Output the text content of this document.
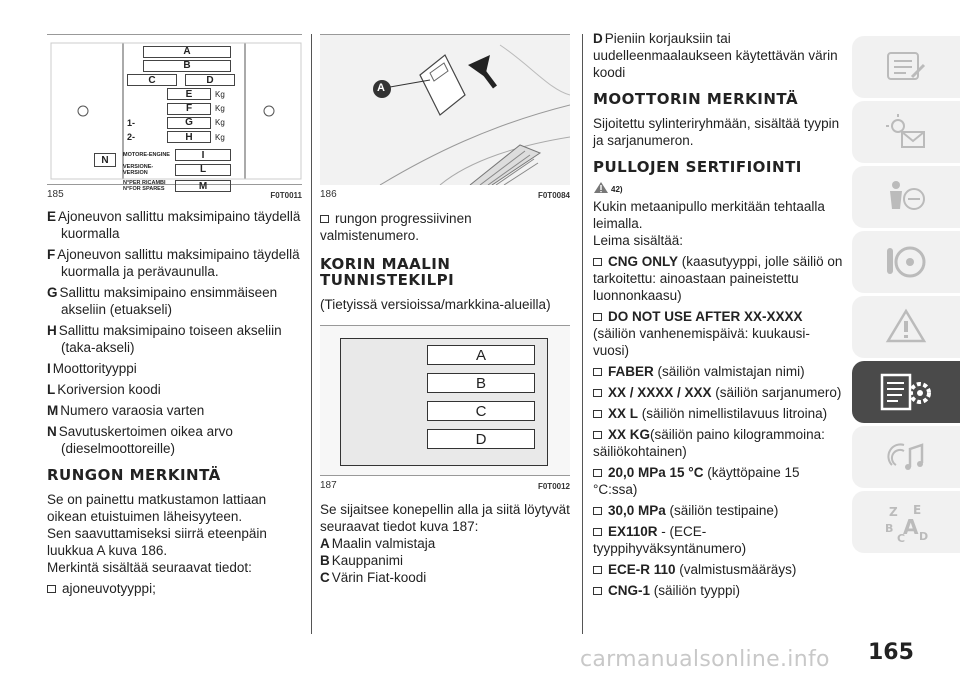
A
B
C	D
E	Kg
F	Kg
1-	G	Kg
2-	H	Kg
MOTORE-ENGINE	I
VERSIONE-VERSION	L
N°PER RICAMBI
N°FOR SPARES	M
N
185	F0T0011

E Ajoneuvon sallittu maksimipaino täydellä kuormalla

F Ajoneuvon sallittu maksimipaino täydellä kuormalla ja perävaunulla.

G Sallittu maksimipaino ensimmäiseen akseliin (etuakseli)

H Sallittu maksimipaino toiseen akseliin (taka-akseli)

I Moottorityyppi

L Koriversion koodi

M Numero varaosia varten

N Savutuskertoimen oikea arvo (dieselmoottoreille)

RUNGON MERKINTÄ

Se on painettu matkustamon lattiaan oikean etuistuimen läheisyyteen.

Sen saavuttamiseksi siirrä eteenpäin luukkua A kuva 186.

Merkintä sisältää seuraavat tiedot:

ajoneuvotyyppi;

A
186	F0T0084

rungon progressiivinen valmistenumero.

KORIN MAALIN
TUNNISTEKILPI

(Tietyissä versioissa/markkina-alueilla)

A
B
C
D
187	F0T0012

Se sijaitsee konepellin alla ja siitä löytyvät seuraavat tiedot kuva 187:

A Maalin valmistaja

B Kauppanimi

C Värin Fiat-koodi

D Pieniin korjauksiin tai uudelleenmaalaukseen käytettävän värin koodi

MOOTTORIN MERKINTÄ

Sijoitettu sylinteriryhmään, sisältää tyypin ja sarjanumeron.

PULLOJEN SERTIFIOINTI
42)

Kukin metaanipullo merkitään tehtaalla leimalla.

Leima sisältää:

CNG ONLY (kaasutyyppi, jolle säiliö on tarkoitettu: ainoastaan paineistettu luonnonkaasu)

DO NOT USE AFTER XX-XXXX (säiliön vanhenemispäivä: kuukausi-vuosi)

FABER (säiliön valmistajan nimi)

XX / XXXX / XXX (säiliön sarjanumero)

XX L (säiliön nimellistilavuus litroina)

XX KG(säiliön paino kilogrammoina: säiliökohtainen)

20,0 MPa 15 °C (käyttöpaine 15 °C:ssa)

30,0 MPa (säiliön testipaine)

EX110R - (ECE-tyyppihyväksyntänumero)

ECE-R 110 (valmistusmääräys)

CNG-1 (säiliön tyyppi)

Z E
B A
C D
carmanualsonline.info 165
